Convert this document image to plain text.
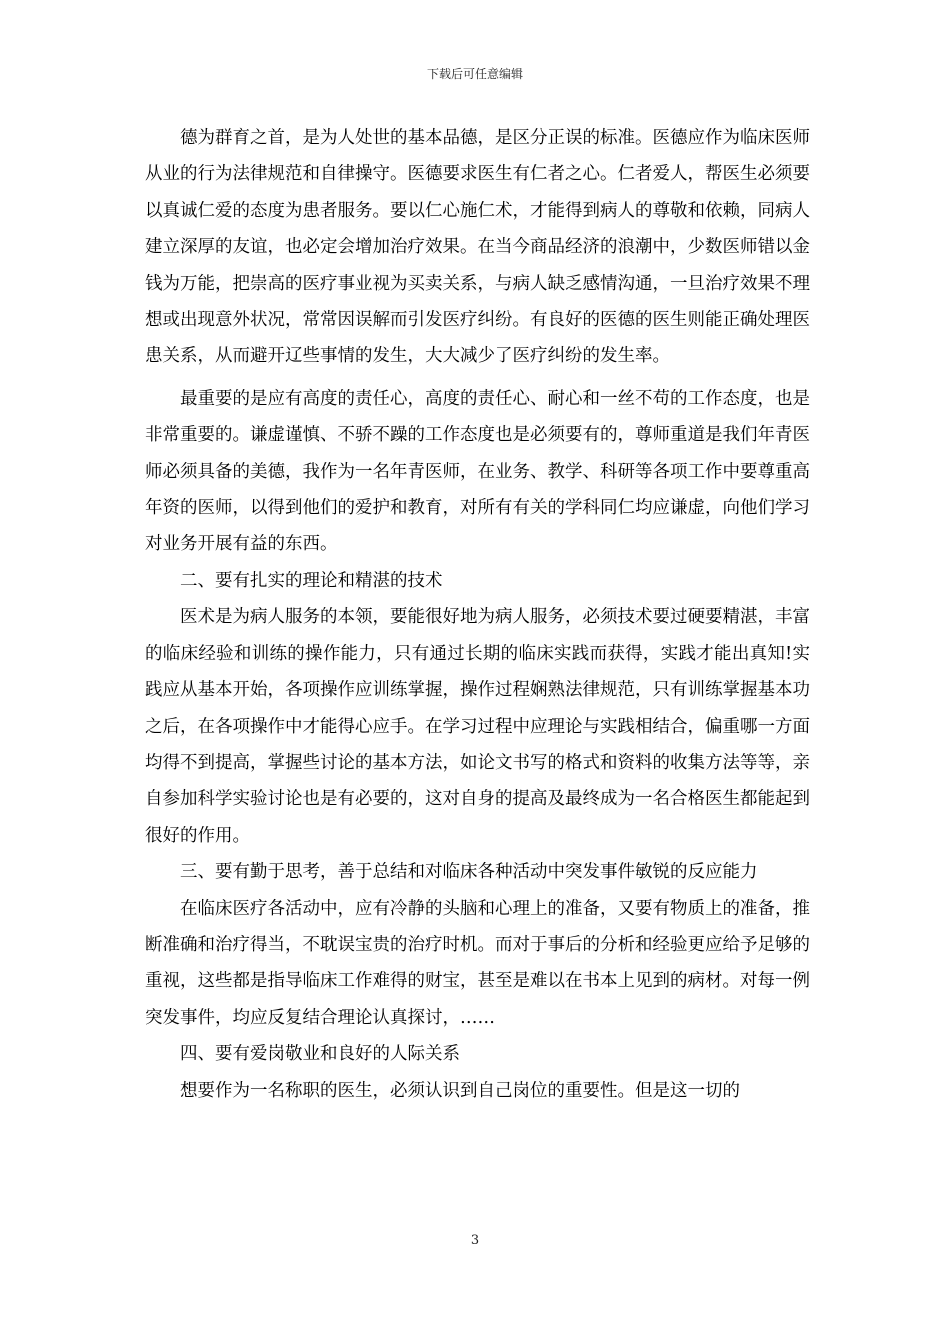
下载后可任意编辑

德为群育之首，是为人处世的基本品德，是区分正误的标准。医德应作为临床医师从业的行为法律规范和自律操守。医德要求医生有仁者之心。仁者爱人，帮医生必须要以真诚仁爱的态度为患者服务。要以仁心施仁术，才能得到病人的尊敬和依赖，同病人建立深厚的友谊，也必定会增加治疗效果。在当今商品经济的浪潮中，少数医师错以金钱为万能，把崇高的医疗事业视为买卖关系，与病人缺乏感情沟通，一旦治疗效果不理想或出现意外状况，常常因误解而引发医疗纠纷。有良好的医德的医生则能正确处理医患关系，从而避开辽些事情的发生，大大减少了医疗纠纷的发生率。

最重要的是应有高度的责任心，高度的责任心、耐心和一丝不苟的工作态度，也是非常重要的。谦虚谨慎、不骄不躁的工作态度也是必须要有的，尊师重道是我们年青医师必须具备的美德，我作为一名年青医师，在业务、教学、科研等各项工作中要尊重高年资的医师，以得到他们的爱护和教育，对所有有关的学科同仁均应谦虚，向他们学习对业务开展有益的东西。

二、要有扎实的理论和精湛的技术

医术是为病人服务的本领，要能很好地为病人服务，必须技术要过硬要精湛，丰富的临床经验和训练的操作能力，只有通过长期的临床实践而获得，实践才能出真知!实践应从基本开始，各项操作应训练掌握，操作过程娴熟法律规范，只有训练掌握基本功之后，在各项操作中才能得心应手。在学习过程中应理论与实践相结合，偏重哪一方面均得不到提高，掌握些讨论的基本方法，如论文书写的格式和资料的收集方法等等，亲自参加科学实验讨论也是有必要的，这对自身的提高及最终成为一名合格医生都能起到很好的作用。

三、要有勤于思考，善于总结和对临床各种活动中突发事件敏锐的反应能力

在临床医疗各活动中，应有冷静的头脑和心理上的准备，又要有物质上的准备，推断准确和治疗得当，不耽误宝贵的治疗时机。而对于事后的分析和经验更应给予足够的重视，这些都是指导临床工作难得的财宝，甚至是难以在书本上见到的病材。对每一例突发事件，均应反复结合理论认真探讨，……

四、要有爱岗敬业和良好的人际关系

想要作为一名称职的医生，必须认识到自己岗位的重要性。但是这一切的

3
